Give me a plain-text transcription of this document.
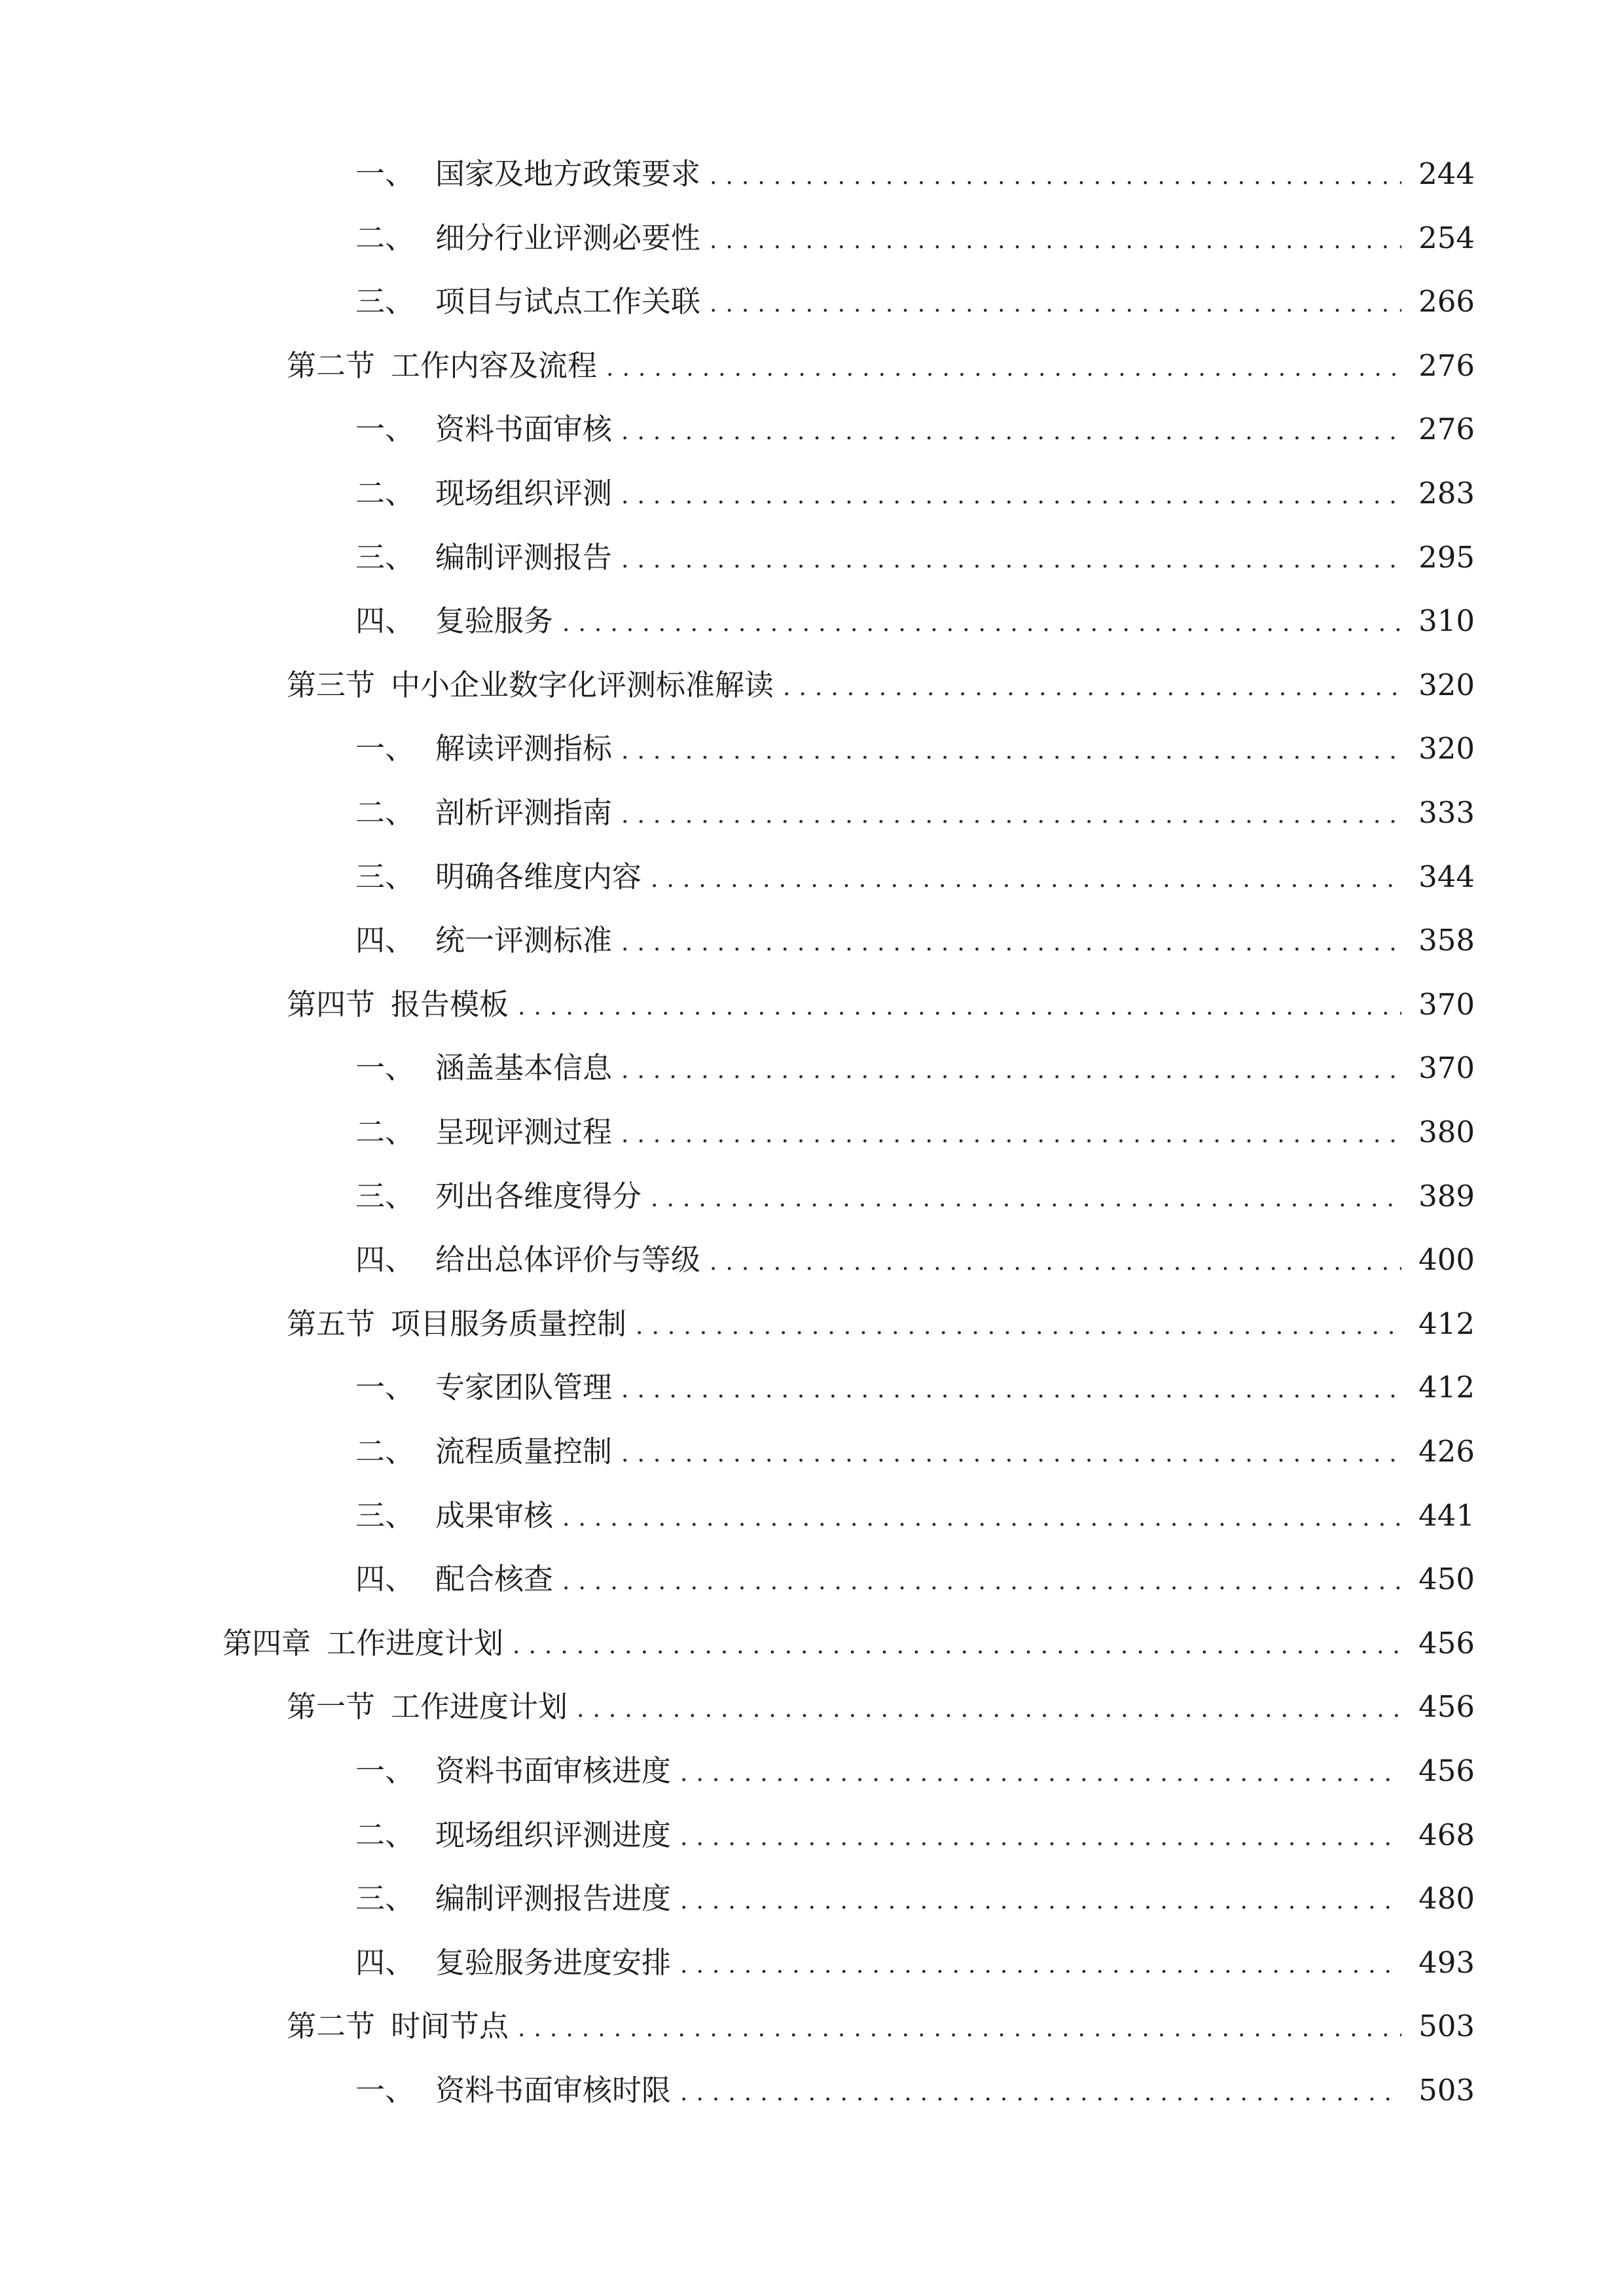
一、 国家及地方政策要求 .....	244
二、 细分行业评测必要性 .....	254
三、 项目与试点工作关联 .....	266
第二节 工作内容及流程 .....	276
一、 资料书面审核 .....	276
二、 现场组织评测 .....	283
三、 编制评测报告 .....	295
四、 复验服务 .....	310
第三节 中小企业数字化评测标准解读 .....	320
一、 解读评测指标 .....	320
二、 剖析评测指南 .....	333
三、 明确各维度内容 .....	344
四、 统一评测标准 .....	358
第四节 报告模板 .....	370
一、 涵盖基本信息 .....	370
二、 呈现评测过程 .....	380
三、 列出各维度得分 .....	389
四、 给出总体评价与等级 .....	400
第五节 项目服务质量控制 .....	412
一、 专家团队管理 .....	412
二、 流程质量控制 .....	426
三、 成果审核 .....	441
四、 配合核查 .....	450
第四章 工作进度计划 .....	456
第一节 工作进度计划 .....	456
一、 资料书面审核进度 .....	456
二、 现场组织评测进度 .....	468
三、 编制评测报告进度 .....	480
四、 复验服务进度安排 .....	493
第二节 时间节点 .....	503
一、 资料书面审核时限 .....	503
